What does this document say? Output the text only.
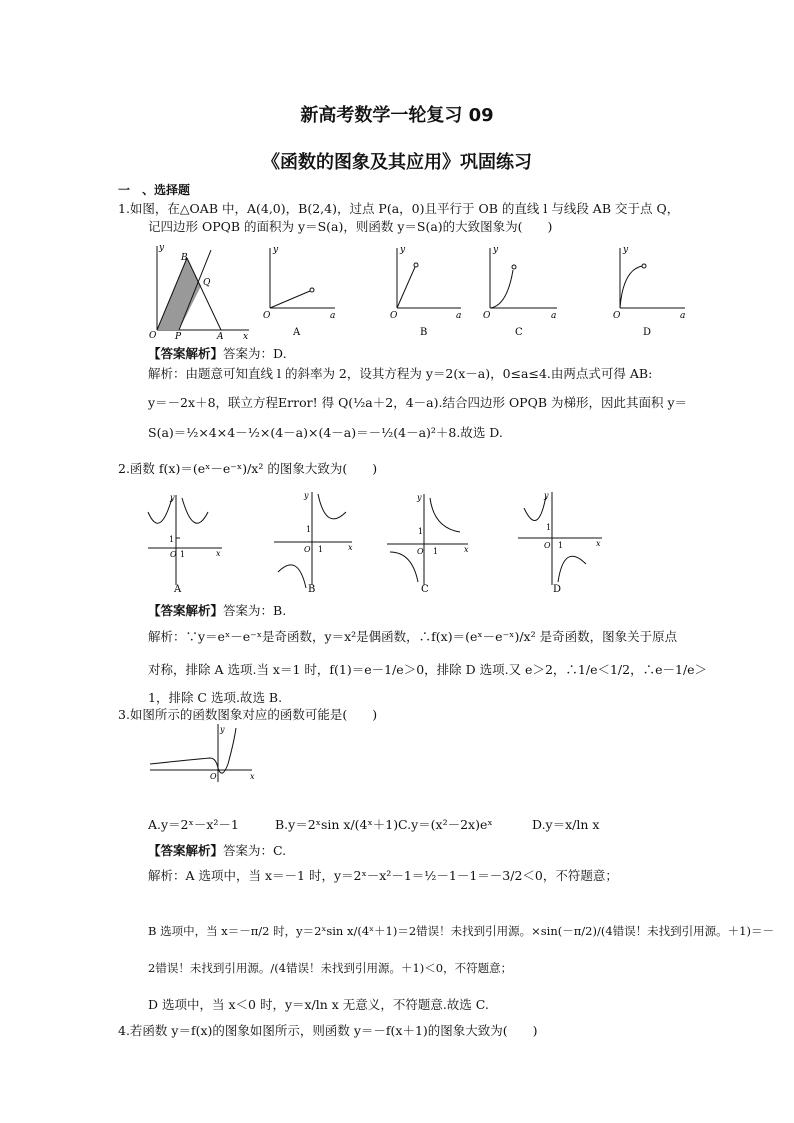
新高考数学一轮复习 09
《函数的图象及其应用》巩固练习
一　、选择题
1.如图，在△OAB 中，A(4,0)，B(2,4)，过点 P(a，0)且平行于 OB 的直线 l 与线段 AB 交于点 Q，
记四边形 OPQB 的面积为 y＝S(a)，则函数 y＝S(a)的大致图象为(　　)
y
B
Q
O P	A x
y
O	a
A
y
O	a
B
y
O	a
C
y
O	a
D
【答案解析】答案为：D.
解析：由题意可知直线 l 的斜率为 2，设其方程为 y＝2(x－a)，0≤a≤4.由两点式可得 AB:
y＝－2x＋8，联立方程Error! 得 Q(½a＋2，4－a).结合四边形 OPQB 为梯形，因此其面积 y＝
S(a)＝½×4×4－½×(4－a)×(4－a)＝－½(4－a)²＋8.故选 D.
2.函数 f(x)＝(eˣ－e⁻ˣ)/x² 的图象大致为(　　)
y
1
O 1	x
A
y
1
O 1	x
B
y
1
O 1	x
C
y
1
O 1	x
D
【答案解析】答案为：B.
解析：∵y＝eˣ－e⁻ˣ是奇函数，y＝x²是偶函数，∴f(x)＝(eˣ－e⁻ˣ)/x² 是奇函数，图象关于原点
对称，排除 A 选项.当 x＝1 时，f(1)＝e－1/e＞0，排除 D 选项.又 e＞2，∴1/e＜1/2，∴e－1/e＞
1，排除 C 选项.故选 B.
3.如图所示的函数图象对应的函数可能是(　　)
y
O	x
A.y＝2ˣ－x²－1	B.y＝2ˣsin x/(4ˣ＋1) C.y＝(x²－2x)eˣ	D.y＝x/ln x
【答案解析】答案为：C.
解析：A 选项中，当 x＝－1 时，y＝2ˣ－x²－1＝½－1－1＝－3/2＜0，不符题意；
B 选项中，当 x＝－π/2 时，y＝2ˣsin x/(4ˣ＋1)＝2错误！未找到引用源。×sin(－π/2)/(4错误！未找到引用源。＋1)＝－
2错误！未找到引用源。/(4错误！未找到引用源。＋1)＜0，不符题意；
D 选项中，当 x＜0 时，y＝x/ln x 无意义，不符题意.故选 C.
4.若函数 y＝f(x)的图象如图所示，则函数 y＝－f(x＋1)的图象大致为(　　)
